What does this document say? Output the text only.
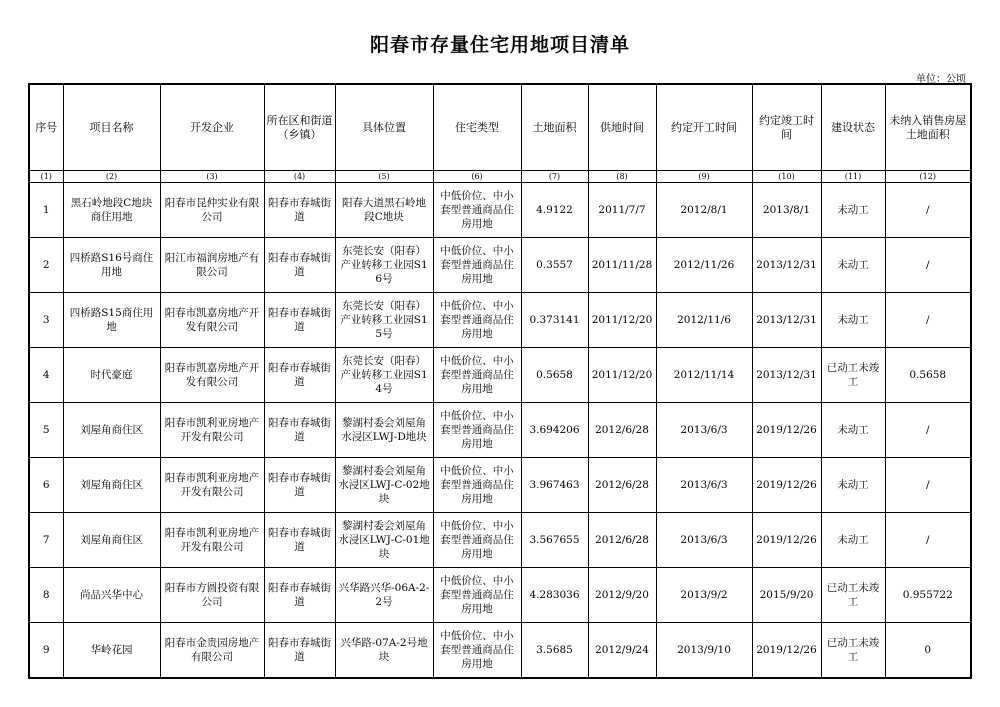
阳春市存量住宅用地项目清单
单位：公顷
序号	项目名称	开发企业	所在区和街道（乡镇）	具体位置	住宅类型	土地面积	供地时间	约定开工时间	约定竣工时间	建设状态	未纳入销售房屋土地面积
(1)	(2)	(3)	(4)	(5)	(6)	(7)	(8)	(9)	(10)	(11)	(12)
1	黑石岭地段C地块商住用地	阳春市昆仲实业有限公司	阳春市春城街道	阳春大道黑石岭地段C地块	中低价位、中小套型普通商品住房用地	4.9122	2011/7/7	2012/8/1	2013/8/1	未动工	/
2	四桥路S16号商住用地	阳江市福润房地产有限公司	阳春市春城街道	东莞长安（阳春）产业转移工业园S16号	中低价位、中小套型普通商品住房用地	0.3557	2011/11/28	2012/11/26	2013/12/31	未动工	/
3	四桥路S15商住用地	阳春市凯嘉房地产开发有限公司	阳春市春城街道	东莞长安（阳春）产业转移工业园S15号	中低价位、中小套型普通商品住房用地	0.373141	2011/12/20	2012/11/6	2013/12/31	未动工	/
4	时代豪庭	阳春市凯嘉房地产开发有限公司	阳春市春城街道	东莞长安（阳春）产业转移工业园S14号	中低价位、中小套型普通商品住房用地	0.5658	2011/12/20	2012/11/14	2013/12/31	已动工未竣工	0.5658
5	刘屋角商住区	阳春市凯利亚房地产开发有限公司	阳春市春城街道	黎湖村委会刘屋角水浸区LWJ-D地块	中低价位、中小套型普通商品住房用地	3.694206	2012/6/28	2013/6/3	2019/12/26	未动工	/
6	刘屋角商住区	阳春市凯利亚房地产开发有限公司	阳春市春城街道	黎湖村委会刘屋角水浸区LWJ-C-02地块	中低价位、中小套型普通商品住房用地	3.967463	2012/6/28	2013/6/3	2019/12/26	未动工	/
7	刘屋角商住区	阳春市凯利亚房地产开发有限公司	阳春市春城街道	黎湖村委会刘屋角水浸区LWJ-C-01地块	中低价位、中小套型普通商品住房用地	3.567655	2012/6/28	2013/6/3	2019/12/26	未动工	/
8	尚品兴华中心	阳春市方圆投资有限公司	阳春市春城街道	兴华路兴华-06A-2-2号	中低价位、中小套型普通商品住房用地	4.283036	2012/9/20	2013/9/2	2015/9/20	已动工未竣工	0.955722
9	华岭花园	阳春市金贵园房地产有限公司	阳春市春城街道	兴华路-07A-2号地块	中低价位、中小套型普通商品住房用地	3.5685	2012/9/24	2013/9/10	2019/12/26	已动工未竣工	0
